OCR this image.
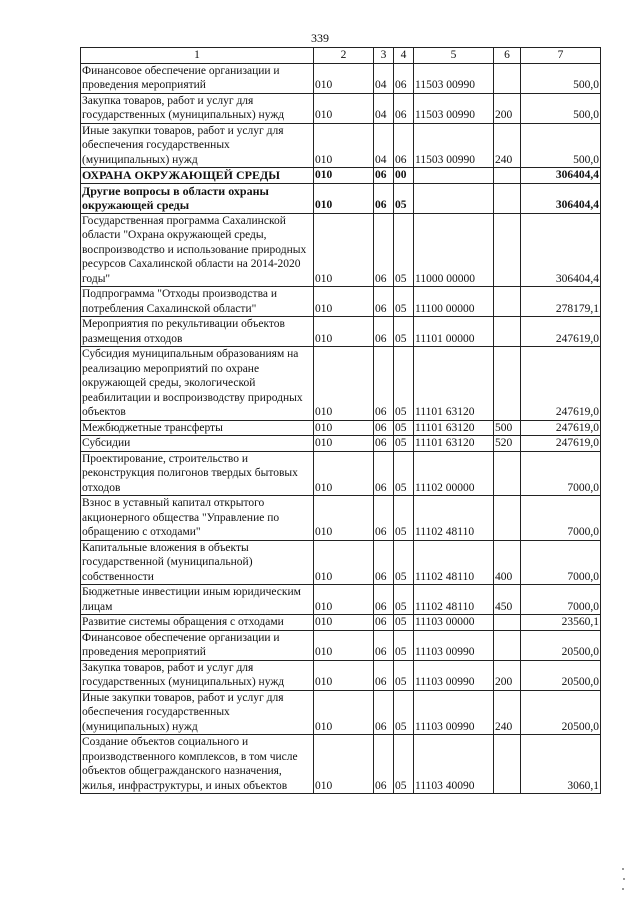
339
1	2	3	4	5	6	7
Финансовое обеспечение организации и проведения мероприятий	010	04	06	11503 00990		500,0
Закупка товаров, работ и услуг для государственных (муниципальных) нужд	010	04	06	11503 00990	200	500,0
Иные закупки товаров, работ и услуг для обеспечения государственных (муниципальных) нужд	010	04	06	11503 00990	240	500,0
ОХРАНА ОКРУЖАЮЩЕЙ СРЕДЫ	010	06	00			306404,4
Другие вопросы в области охраны окружающей среды	010	06	05			306404,4
Государственная программа Сахалинской области "Охрана окружающей среды, воспроизводство и использование природных ресурсов Сахалинской области на 2014-2020 годы"	010	06	05	11000 00000		306404,4
Подпрограмма "Отходы производства и потребления Сахалинской области"	010	06	05	11100 00000		278179,1
Мероприятия по рекультивации объектов размещения отходов	010	06	05	11101 00000		247619,0
Субсидия муниципальным образованиям на реализацию мероприятий по охране окружающей среды, экологической реабилитации и воспроизводству природных объектов	010	06	05	11101 63120		247619,0
Межбюджетные трансферты	010	06	05	11101 63120	500	247619,0
Субсидии	010	06	05	11101 63120	520	247619,0
Проектирование, строительство и реконструкция полигонов твердых бытовых отходов	010	06	05	11102 00000		7000,0
Взнос в уставный капитал открытого акционерного общества "Управление по обращению с отходами"	010	06	05	11102 48110		7000,0
Капитальные вложения в объекты государственной (муниципальной) собственности	010	06	05	11102 48110	400	7000,0
Бюджетные инвестиции иным юридическим лицам	010	06	05	11102 48110	450	7000,0
Развитие системы обращения с отходами	010	06	05	11103 00000		23560,1
Финансовое обеспечение организации и проведения мероприятий	010	06	05	11103 00990		20500,0
Закупка товаров, работ и услуг для государственных (муниципальных) нужд	010	06	05	11103 00990	200	20500,0
Иные закупки товаров, работ и услуг для обеспечения государственных (муниципальных) нужд	010	06	05	11103 00990	240	20500,0
Создание объектов социального и производственного комплексов, в том числе объектов общегражданского назначения, жилья, инфраструктуры, и иных объектов	010	06	05	11103 40090		3060,1
